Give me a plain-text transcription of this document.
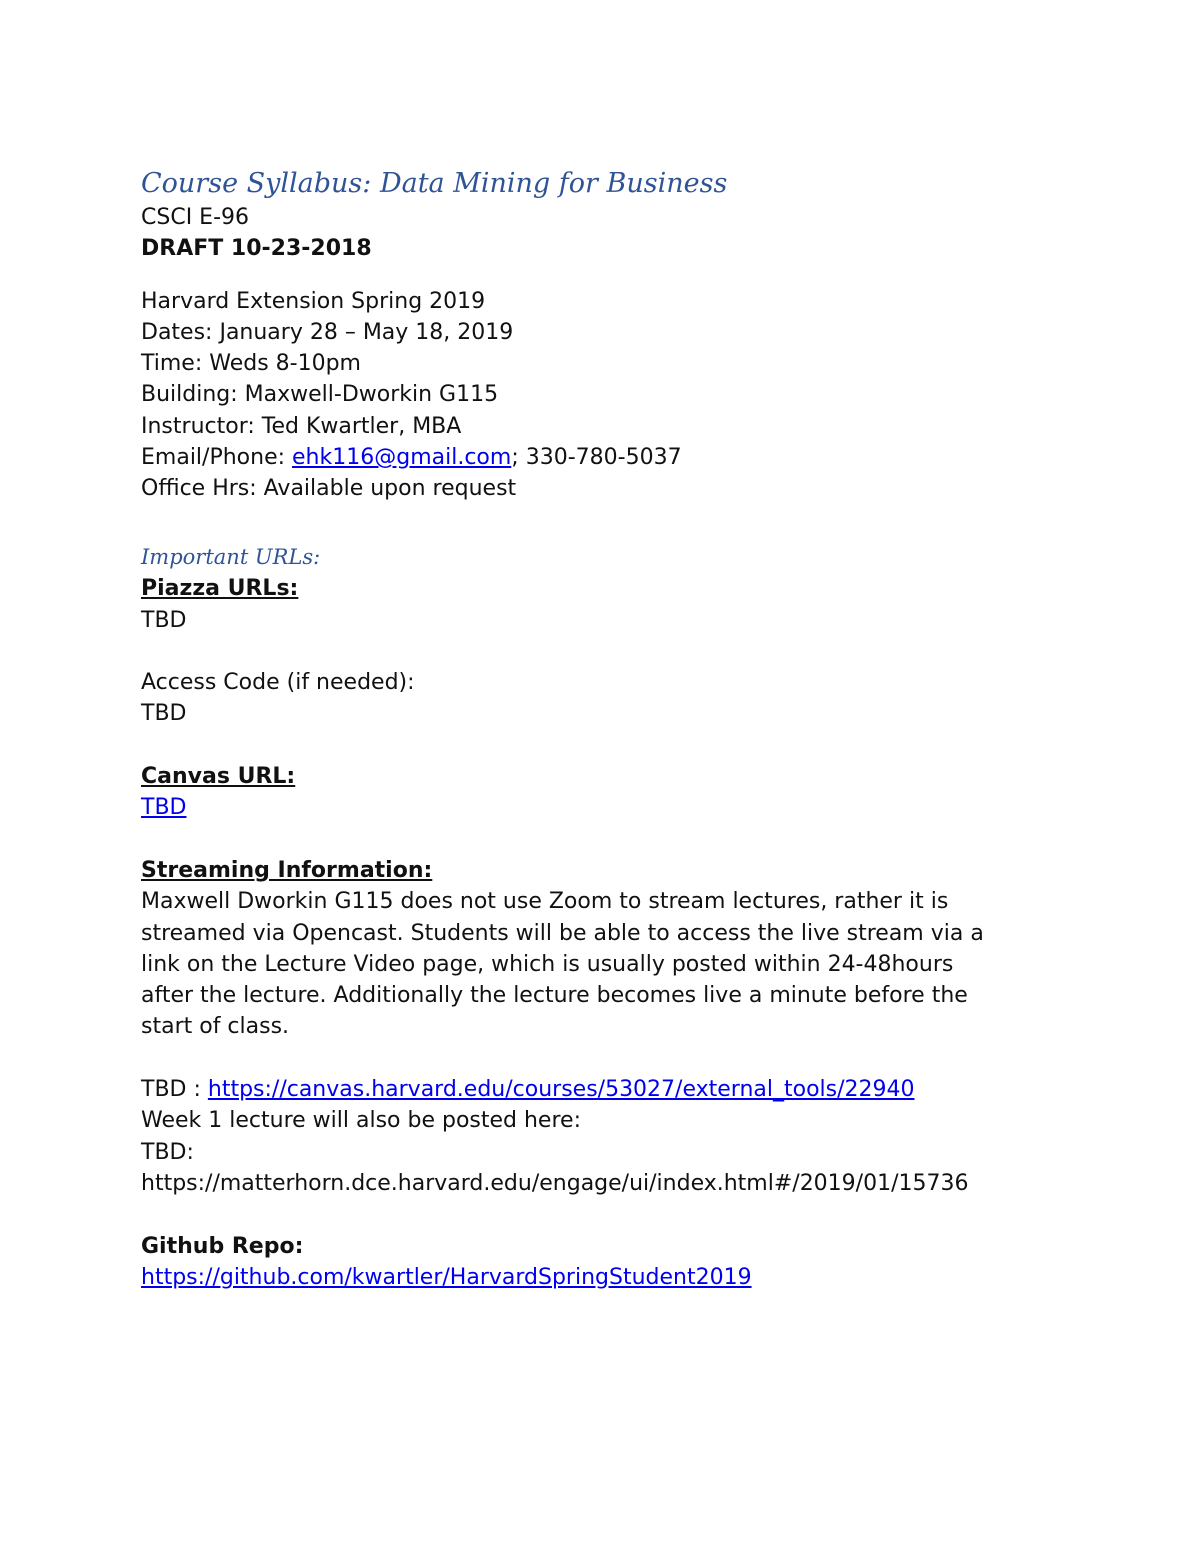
Course Syllabus: Data Mining for Business

CSCI E-96

DRAFT 10-23-2018

Harvard Extension Spring 2019

Dates: January 28 – May 18, 2019

Time: Weds 8-10pm

Building: Maxwell-Dworkin G115

Instructor: Ted Kwartler, MBA

Email/Phone: ehk116@gmail.com; 330-780-5037

Office Hrs: Available upon request

Important URLs:

Piazza URLs:

TBD

Access Code (if needed):

TBD

Canvas URL:

TBD

Streaming Information:

Maxwell Dworkin G115 does not use Zoom to stream lectures, rather it is
streamed via Opencast. Students will be able to access the live stream via a
link on the Lecture Video page, which is usually posted within 24-48hours
after the lecture. Additionally the lecture becomes live a minute before the
start of class.

TBD : https://canvas.harvard.edu/courses/53027/external_tools/22940

Week 1 lecture will also be posted here:

TBD:

https://matterhorn.dce.harvard.edu/engage/ui/index.html#/2019/01/15736

Github Repo:

https://github.com/kwartler/HarvardSpringStudent2019
